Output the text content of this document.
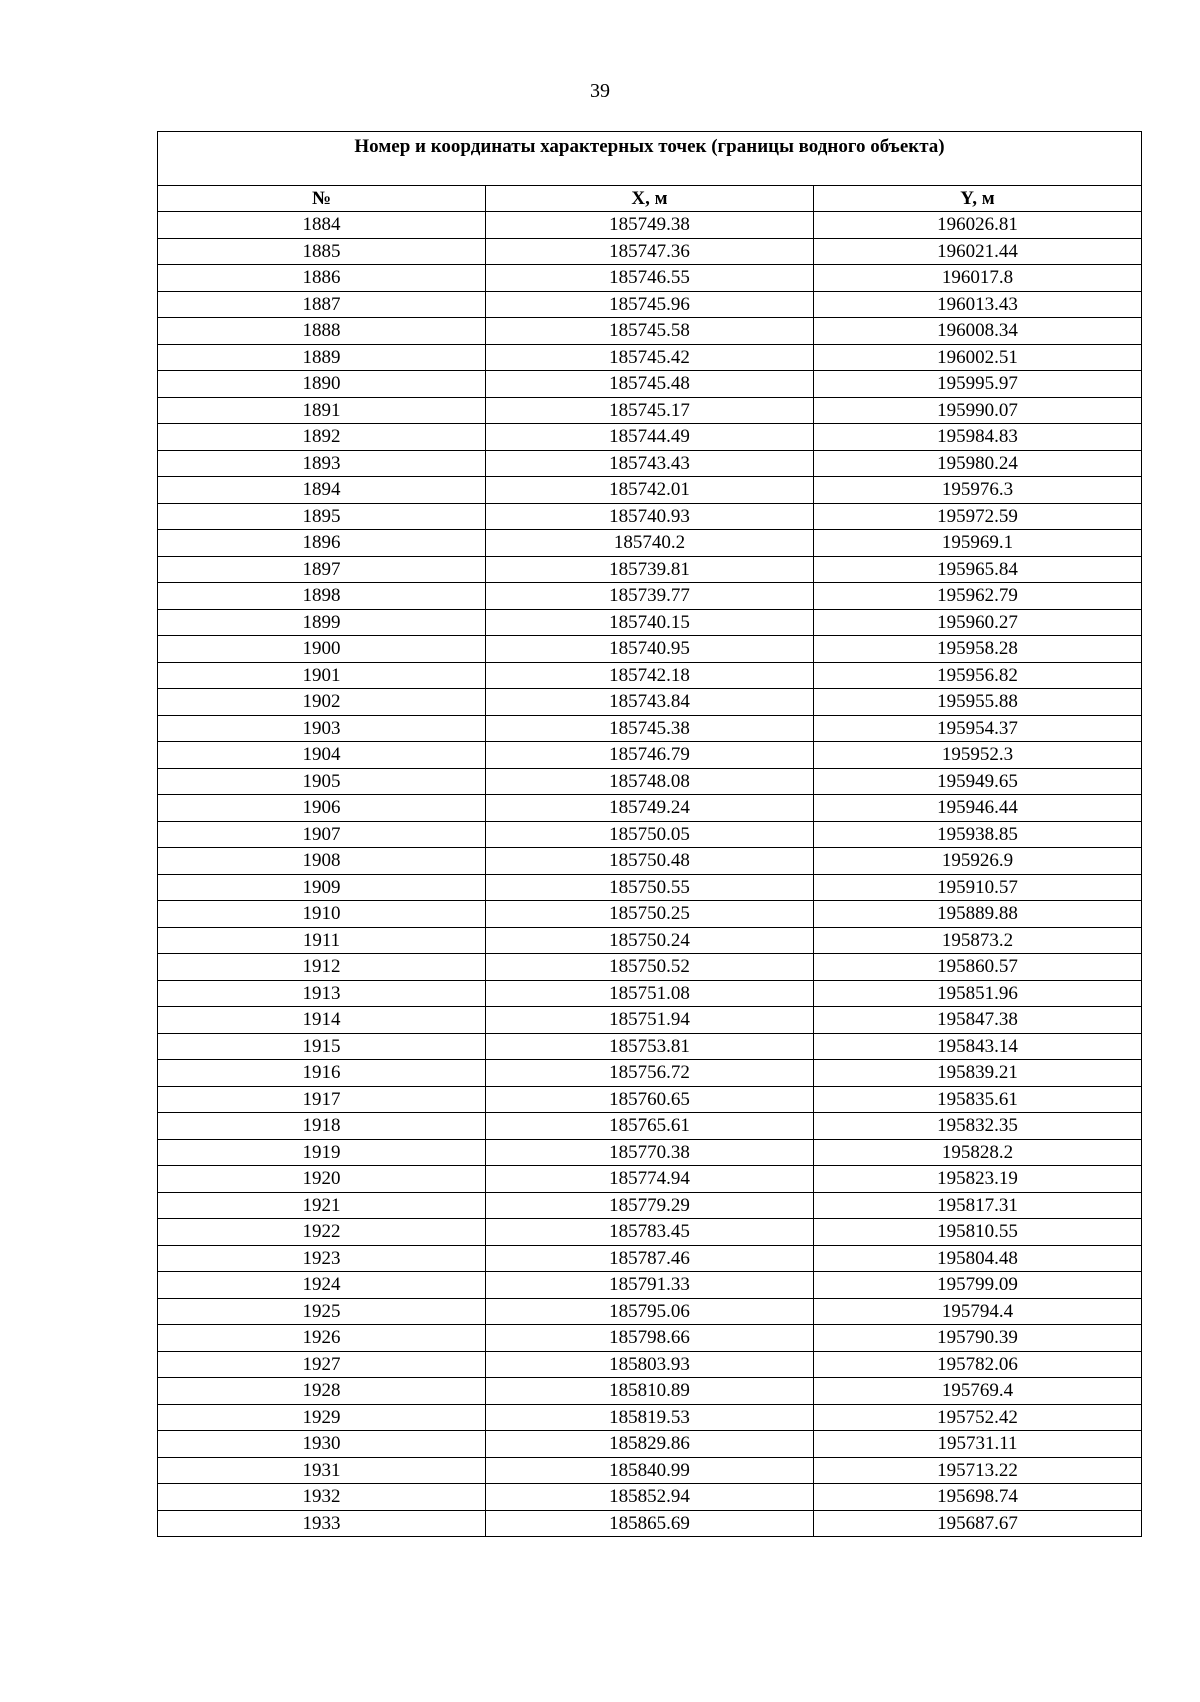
39
Номер и координаты характерных точек (границы водного объекта)		
№	X, м	Y, м
1884	185749.38	196026.81
1885	185747.36	196021.44
1886	185746.55	196017.8
1887	185745.96	196013.43
1888	185745.58	196008.34
1889	185745.42	196002.51
1890	185745.48	195995.97
1891	185745.17	195990.07
1892	185744.49	195984.83
1893	185743.43	195980.24
1894	185742.01	195976.3
1895	185740.93	195972.59
1896	185740.2	195969.1
1897	185739.81	195965.84
1898	185739.77	195962.79
1899	185740.15	195960.27
1900	185740.95	195958.28
1901	185742.18	195956.82
1902	185743.84	195955.88
1903	185745.38	195954.37
1904	185746.79	195952.3
1905	185748.08	195949.65
1906	185749.24	195946.44
1907	185750.05	195938.85
1908	185750.48	195926.9
1909	185750.55	195910.57
1910	185750.25	195889.88
1911	185750.24	195873.2
1912	185750.52	195860.57
1913	185751.08	195851.96
1914	185751.94	195847.38
1915	185753.81	195843.14
1916	185756.72	195839.21
1917	185760.65	195835.61
1918	185765.61	195832.35
1919	185770.38	195828.2
1920	185774.94	195823.19
1921	185779.29	195817.31
1922	185783.45	195810.55
1923	185787.46	195804.48
1924	185791.33	195799.09
1925	185795.06	195794.4
1926	185798.66	195790.39
1927	185803.93	195782.06
1928	185810.89	195769.4
1929	185819.53	195752.42
1930	185829.86	195731.11
1931	185840.99	195713.22
1932	185852.94	195698.74
1933	185865.69	195687.67
